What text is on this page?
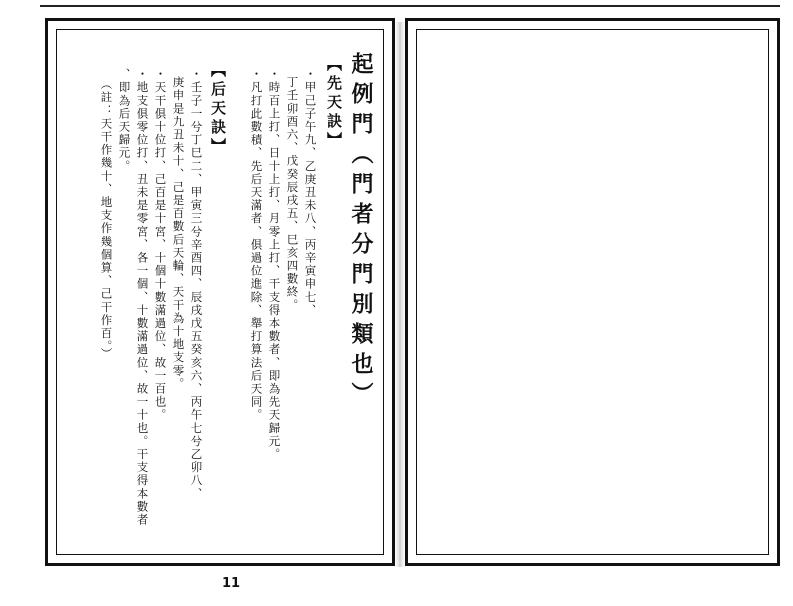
起例門（門者分門別類也）
【先天訣】
・甲己子午九、乙庚丑未八、丙辛寅申七、
丁壬卯酉六、戊癸辰戌五、巳亥四數終。
・時百上打、日十上打、月零上打、干支得本數者、即為先天歸元。
・凡打此數積、先后天滿者、俱過位進除、舉打算法后天同。
【后天訣】
・壬子一兮丁巳二、甲寅三兮辛酉四、辰戌戊五癸亥六、丙午七兮乙卯八、
庚申是九丑未十、己是百數后天輪、天干為十地支零。
・天干俱十位打、己百是十宮、十個十數滿過位、故一百也。
・地支俱零位打、丑未是零宮、各一個、十數滿過位、故一十也。干支得本數者
、即為后天歸元。
（註：天干作幾十、地支作幾個算、己干作百。）
11
